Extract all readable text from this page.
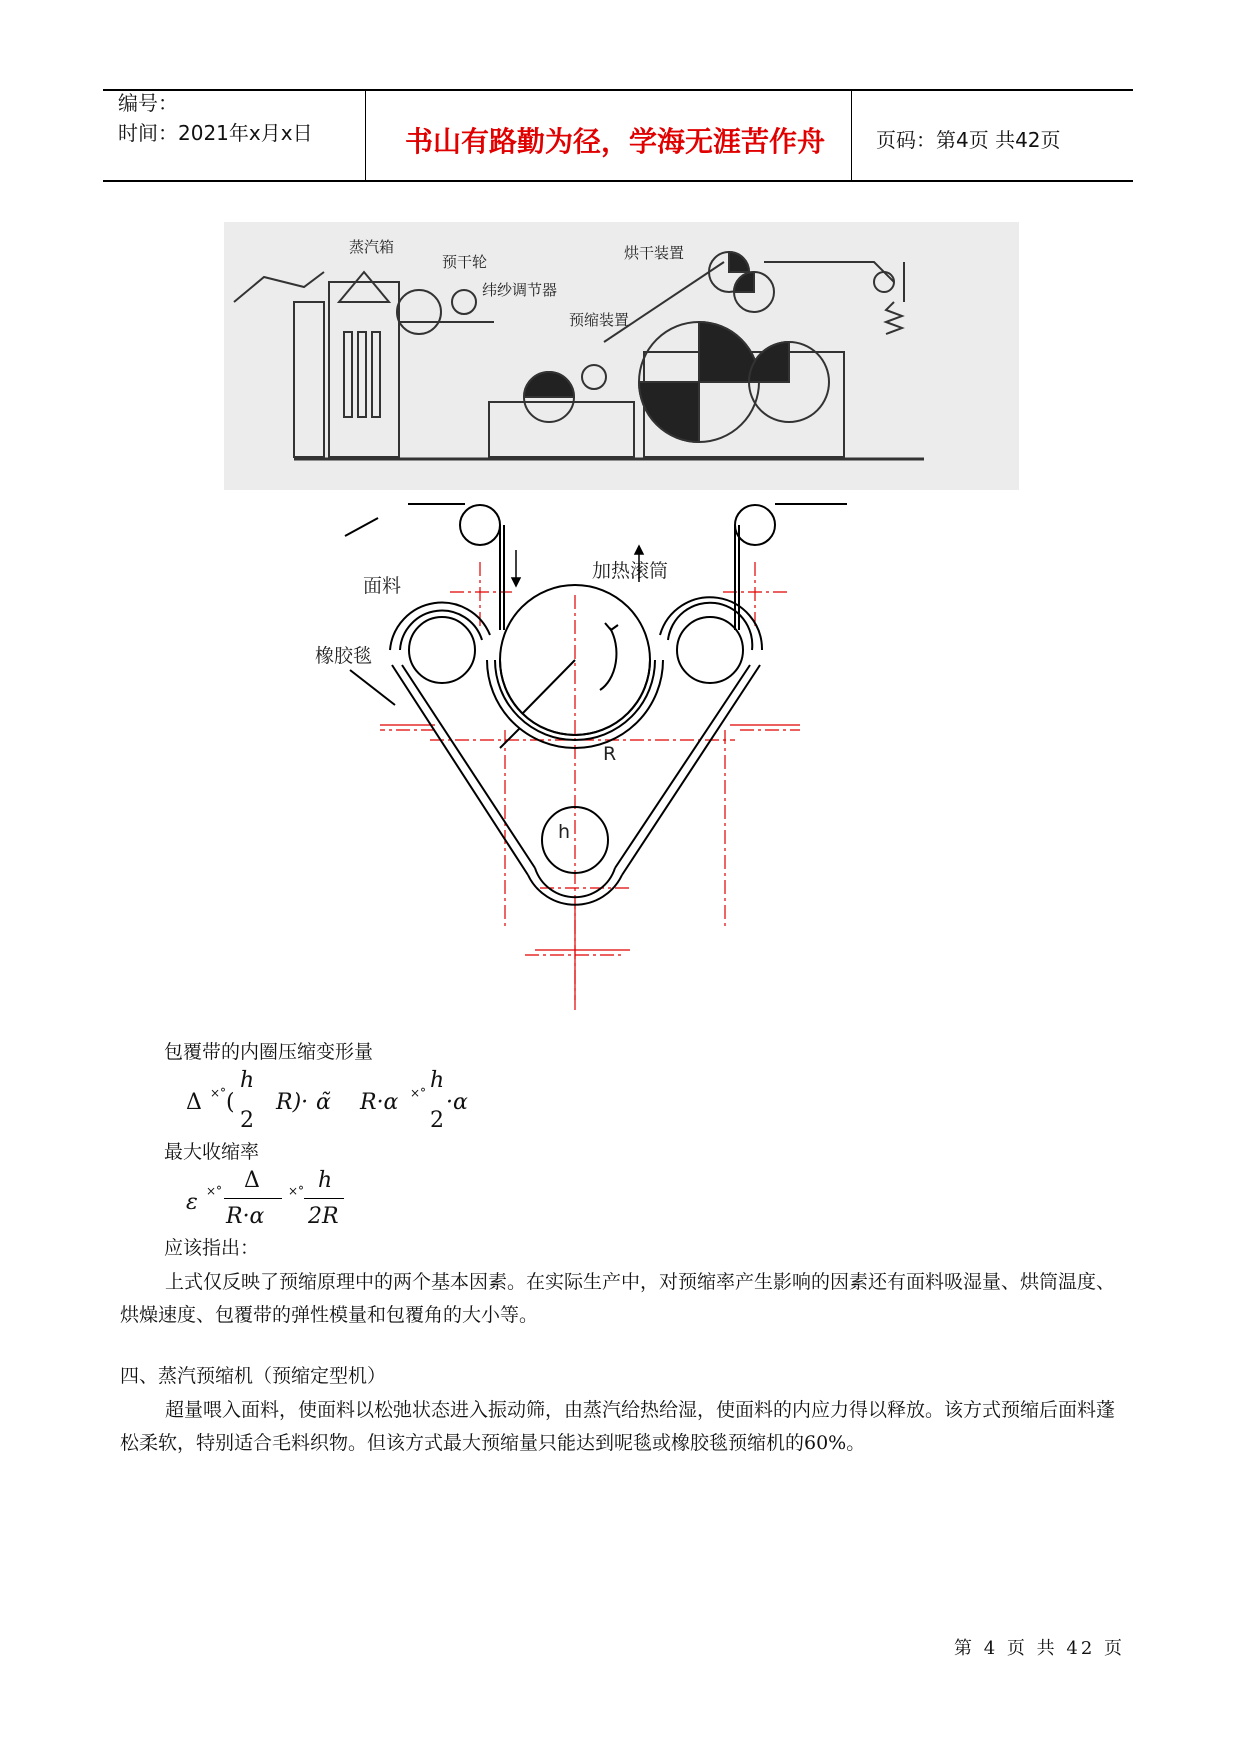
编号：
时间：2021年x月x日	书山有路勤为径，学海无涯苦作舟	页码：第4页 共42页
蒸汽箱
预干轮
纬纱调节器
预缩装置
烘干装置
面料
加热滚筒
橡胶毯
R
h
包覆带的内圈压缩变形量
Δ ×° (
h
2
R)· α̃ R·α ×° h
2
·α
最大收缩率
ε ×° Δ
R·α
×° h
2R
应该指出：
上式仅反映了预缩原理中的两个基本因素。在实际生产中，对预缩率产生影响的因素还有面料吸湿量、烘筒温度、烘燥速度、包覆带的弹性模量和包覆角的大小等。
四、蒸汽预缩机（预缩定型机）
超量喂入面料，使面料以松弛状态进入振动筛，由蒸汽给热给湿，使面料的内应力得以释放。该方式预缩后面料蓬松柔软，特别适合毛料织物。但该方式最大预缩量只能达到呢毯或橡胶毯预缩机的60%。
第 4 页 共 42 页
